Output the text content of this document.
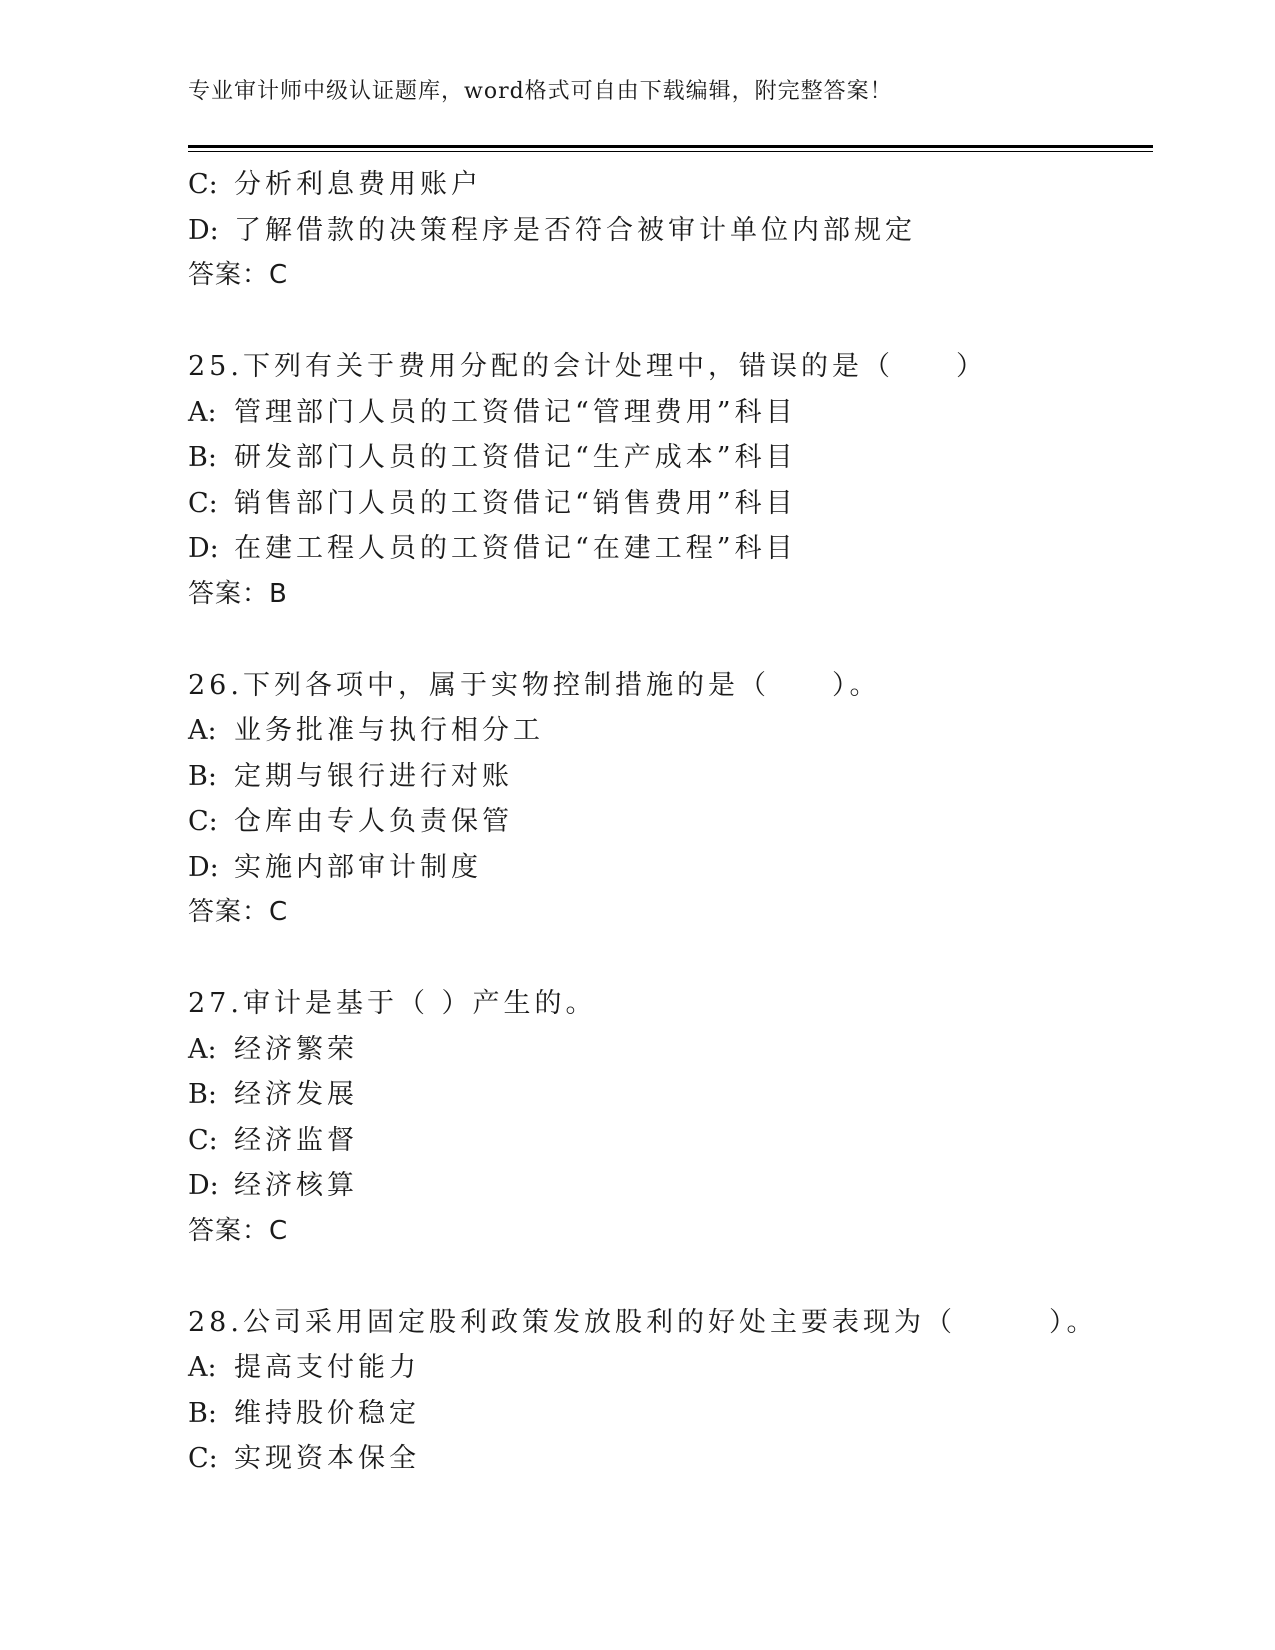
专业审计师中级认证题库，word格式可自由下载编辑，附完整答案！
C: 分析利息费用账户
D: 了解借款的决策程序是否符合被审计单位内部规定
答案：C
25.下列有关于费用分配的会计处理中，错误的是（　　）
A: 管理部门人员的工资借记“管理费用”科目
B: 研发部门人员的工资借记“生产成本”科目
C: 销售部门人员的工资借记“销售费用”科目
D: 在建工程人员的工资借记“在建工程”科目
答案：B
26.下列各项中，属于实物控制措施的是（　　）。
A: 业务批准与执行相分工
B: 定期与银行进行对账
C: 仓库由专人负责保管
D: 实施内部审计制度
答案：C
27.审计是基于（ ）产生的。
A: 经济繁荣
B: 经济发展
C: 经济监督
D: 经济核算
答案：C
28.公司采用固定股利政策发放股利的好处主要表现为（　　　）。
A: 提高支付能力
B: 维持股价稳定
C: 实现资本保全
